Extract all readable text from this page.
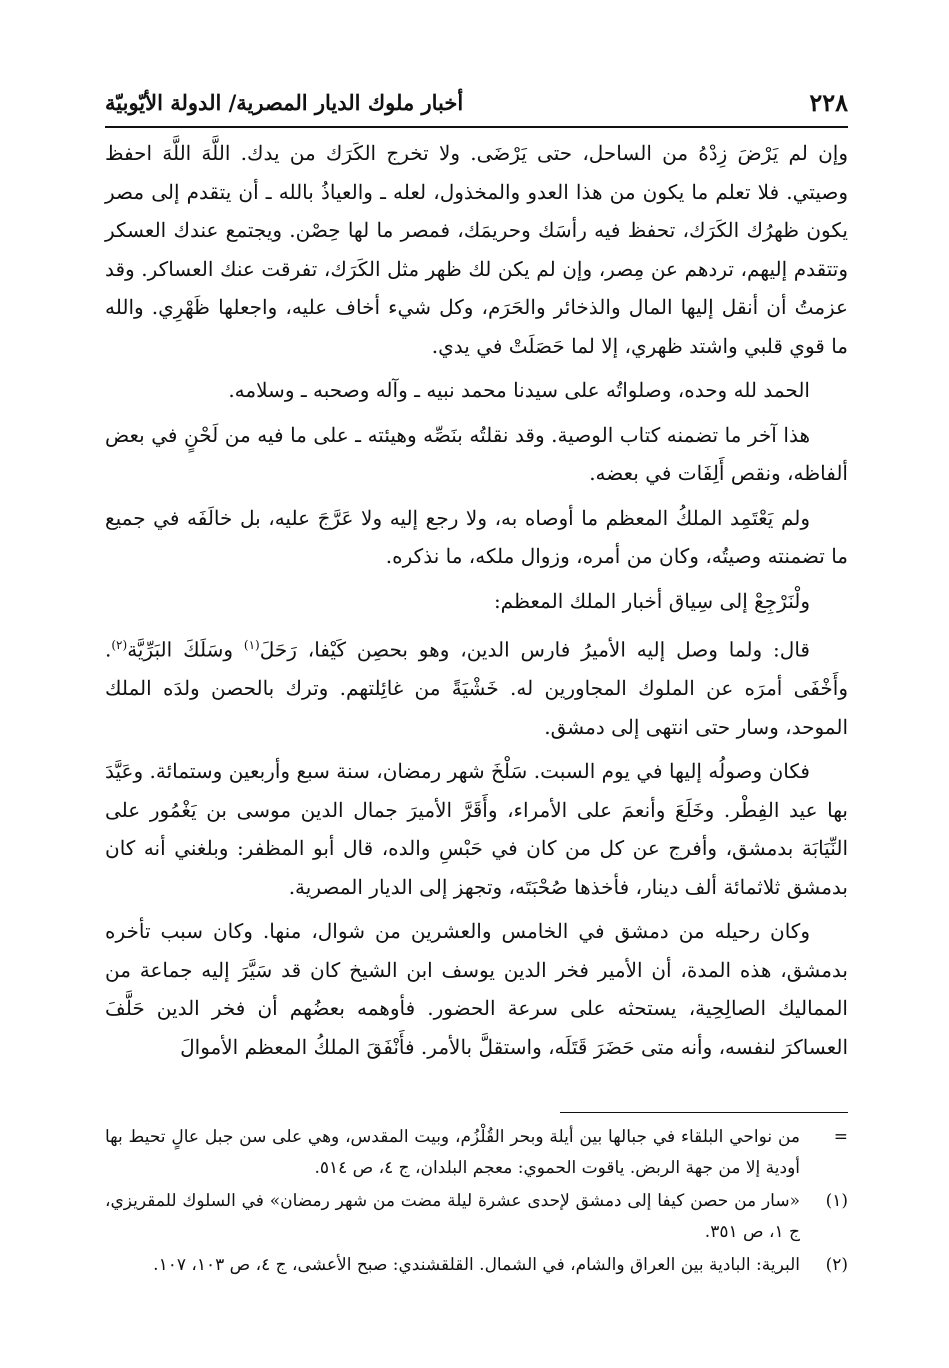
٢٢٨
أخبار ملوك الديار المصرية/ الدولة الأيّوبيّة

وإن لم يَرْضَ زِدْهُ من الساحل، حتى يَرْضَى. ولا تخرج الكَرَك من يدك. اللَّهَ اللَّهَ احفظ وصيتي. فلا تعلم ما يكون من هذا العدو والمخذول، لعله ـ والعياذُ بالله ـ أن يتقدم إلى مصر يكون ظهرُك الكَرَك، تحفظ فيه رأسَك وحريمَك، فمصر ما لها حِصْن. ويجتمع عندك العسكر وتتقدم إليهم، تردهم عن مِصر، وإن لم يكن لك ظهر مثل الكَرَك، تفرقت عنك العساكر. وقد عزمتُ أن أنقل إليها المال والذخائر والحَرَم، وكل شيء أخاف عليه، واجعلها ظَهْرِي. والله ما قوي قلبي واشتد ظهري، إلا لما حَصَلَتْ في يدي.

الحمد لله وحده، وصلواتُه على سيدنا محمد نبيه ـ وآله وصحبه ـ وسلامه.

هذا آخر ما تضمنه كتاب الوصية. وقد نقلتُه بنَصِّه وهيئته ـ على ما فيه من لَحْنٍ في بعض ألفاظه، ونقص أَلِفَات في بعضه.

ولم يَعْتَمِد الملكُ المعظم ما أوصاه به، ولا رجع إليه ولا عَرَّجَ عليه، بل خالَفَه في جميع ما تضمنته وصيتُه، وكان من أمره، وزوال ملكه، ما نذكره.

ولْنَرْجِعْ إلى سِياق أخبار الملك المعظم:

قال: ولما وصل إليه الأميرُ فارس الدين، وهو بحصِن كَيْفا، رَحَلَ$^{(١)}$ وسَلَكَ البَرِّيَّة$^{(٢)}$. وأَخْفَى أمرَه عن الملوك المجاورين له. خَشْيَةً من غائِلتهم. وترك بالحصن ولدَه الملك الموحد، وسار حتى انتهى إلى دمشق.

فكان وصولُه إليها في يوم السبت. سَلْخَ شهر رمضان، سنة سبع وأربعين وستمائة. وعَيَّدَ بها عيد الفِطْر. وخَلَعَ وأنعمَ على الأمراء، وأَقَرَّ الأميرَ جمال الدين موسى بن يَغْمُور على النِّيَابَة بدمشق، وأفرج عن كل من كان في حَبْسِ والده، قال أبو المظفر: وبلغني أنه كان بدمشق ثلاثمائة ألف دينار، فأخذها صُحْبَتَه، وتجهز إلى الديار المصرية.

وكان رحيله من دمشق في الخامس والعشرين من شوال، منها. وكان سبب تأخره بدمشق، هذه المدة، أن الأمير فخر الدين يوسف ابن الشيخ كان قد سَيَّرَ إليه جماعة من المماليك الصالِحِية، يستحثه على سرعة الحضور. فأوهمه بعضُهم أن فخر الدين حَلَّفَ العساكرَ لنفسه، وأنه متى حَضَرَ قَتَلَه، واستقلَّ بالأمر. فأَنْفَقَ الملكُ المعظم الأموالَ

=
من نواحي البلقاء في جبالها بين أيلة وبحر القُلْزُم، وبيت المقدس، وهي على سن جبل عالٍ تحيط بها أودية إلا من جهة الربض. ياقوت الحموي: معجم البلدان، ج ٤، ص ٥١٤.
(١)
«سار من حصن كيفا إلى دمشق لإحدى عشرة ليلة مضت من شهر رمضان» في السلوك للمقريزي، ج ١، ص ٣٥١.
(٢)
البرية: البادية بين العراق والشام، في الشمال. القلقشندي: صبح الأعشى، ج ٤، ص ١٠٣، ١٠٧.
